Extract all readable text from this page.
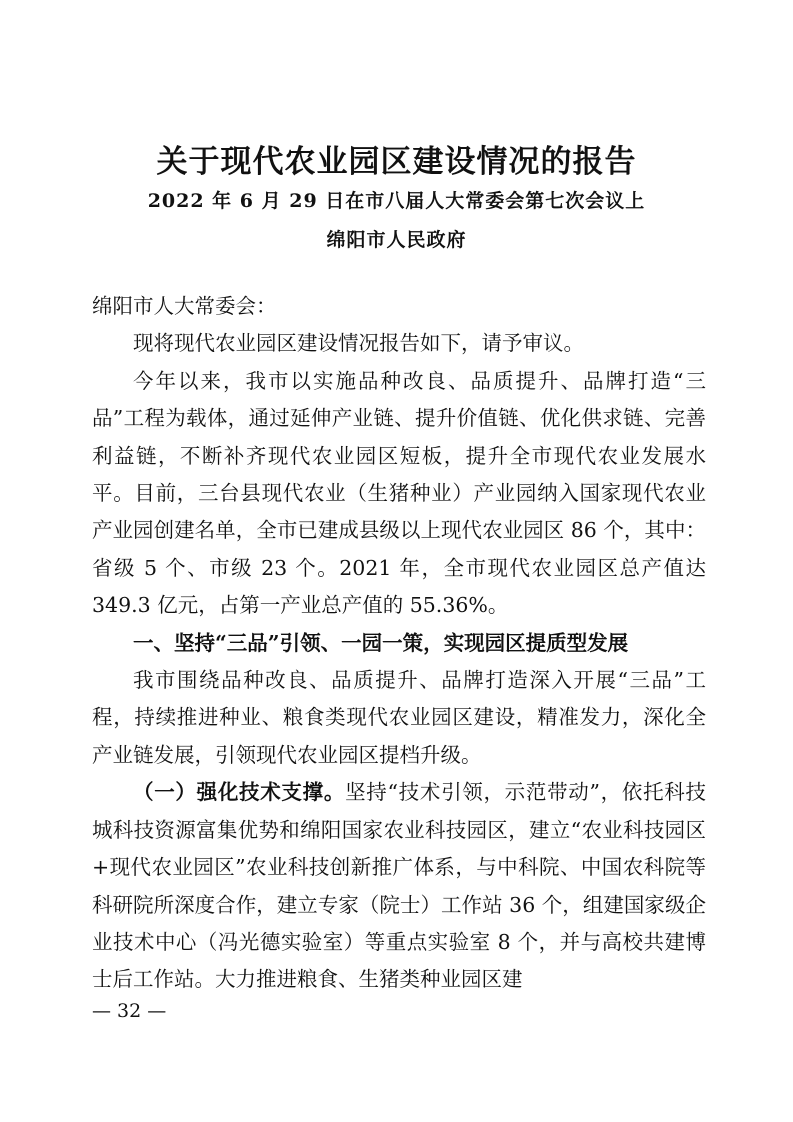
关于现代农业园区建设情况的报告
2022 年 6 月 29 日在市八届人大常委会第七次会议上
绵阳市人民政府

绵阳市人大常委会：

现将现代农业园区建设情况报告如下，请予审议。

今年以来，我市以实施品种改良、品质提升、品牌打造“三品”工程为载体，通过延伸产业链、提升价值链、优化供求链、完善利益链，不断补齐现代农业园区短板，提升全市现代农业发展水平。目前，三台县现代农业（生猪种业）产业园纳入国家现代农业产业园创建名单，全市已建成县级以上现代农业园区 86 个，其中：省级 5 个、市级 23 个。2021 年，全市现代农业园区总产值达 349.3 亿元，占第一产业总产值的 55.36%。

一、坚持“三品”引领、一园一策，实现园区提质型发展

我市围绕品种改良、品质提升、品牌打造深入开展“三品”工程，持续推进种业、粮食类现代农业园区建设，精准发力，深化全产业链发展，引领现代农业园区提档升级。

（一）强化技术支撑。坚持“技术引领，示范带动”，依托科技城科技资源富集优势和绵阳国家农业科技园区，建立“农业科技园区+现代农业园区”农业科技创新推广体系，与中科院、中国农科院等科研院所深度合作，建立专家（院士）工作站 36 个，组建国家级企业技术中心（冯光德实验室）等重点实验室 8 个，并与高校共建博士后工作站。大力推进粮食、生猪类种业园区建

— 32 —
